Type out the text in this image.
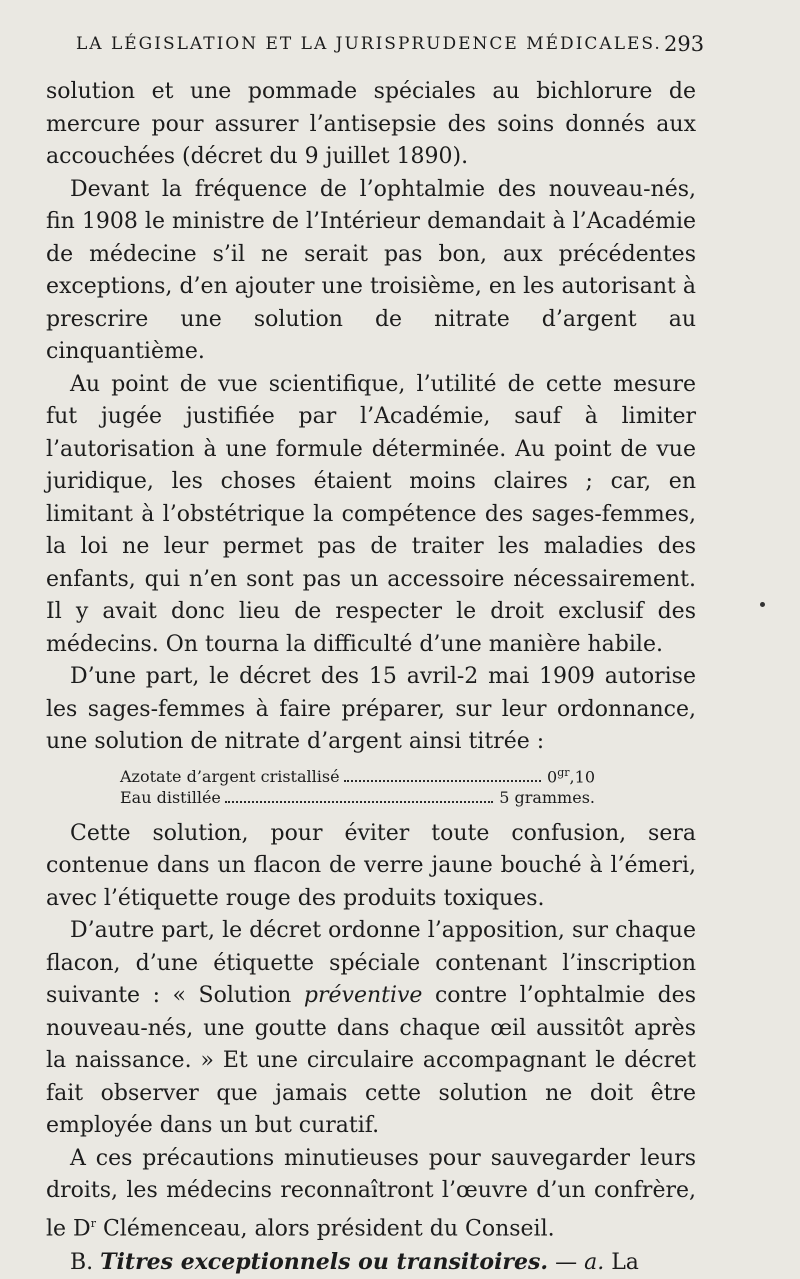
LA LÉGISLATION ET LA JURISPRUDENCE MÉDICALES. 293

solution et une pommade spéciales au bichlorure de mercure pour assurer l’antisepsie des soins donnés aux accouchées (décret du 9 juillet 1890).

Devant la fréquence de l’ophtalmie des nouveau-nés, fin 1908 le ministre de l’Intérieur demandait à l’Académie de médecine s’il ne serait pas bon, aux précédentes exceptions, d’en ajouter une troisième, en les autorisant à prescrire une solution de nitrate d’argent au cinquantième.

Au point de vue scientifique, l’utilité de cette mesure fut jugée justifiée par l’Académie, sauf à limiter l’autorisation à une formule déterminée. Au point de vue juridique, les choses étaient moins claires ; car, en limitant à l’obstétrique la compétence des sages-femmes, la loi ne leur permet pas de traiter les maladies des enfants, qui n’en sont pas un accessoire nécessairement. Il y avait donc lieu de respecter le droit exclusif des médecins. On tourna la difficulté d’une manière habile.

D’une part, le décret des 15 avril-2 mai 1909 autorise les sages-femmes à faire préparer, sur leur ordonnance, une solution de nitrate d’argent ainsi titrée :

Azotate d’argent cristallisé	$0^{gr},10$
Eau distillée	5 grammes.

Cette solution, pour éviter toute confusion, sera contenue dans un flacon de verre jaune bouché à l’émeri, avec l’étiquette rouge des produits toxiques.

D’autre part, le décret ordonne l’apposition, sur chaque flacon, d’une étiquette spéciale contenant l’inscription suivante : « Solution préventive contre l’ophtalmie des nouveau-nés, une goutte dans chaque œil aussitôt après la naissance. » Et une circulaire accompagnant le décret fait observer que jamais cette solution ne doit être employée dans un but curatif.

A ces précautions minutieuses pour sauvegarder leurs droits, les médecins reconnaîtront l’œuvre d’un confrère, le $D^r$ Clémenceau, alors président du Conseil.

B. Titres exceptionnels ou transitoires. — a. La
